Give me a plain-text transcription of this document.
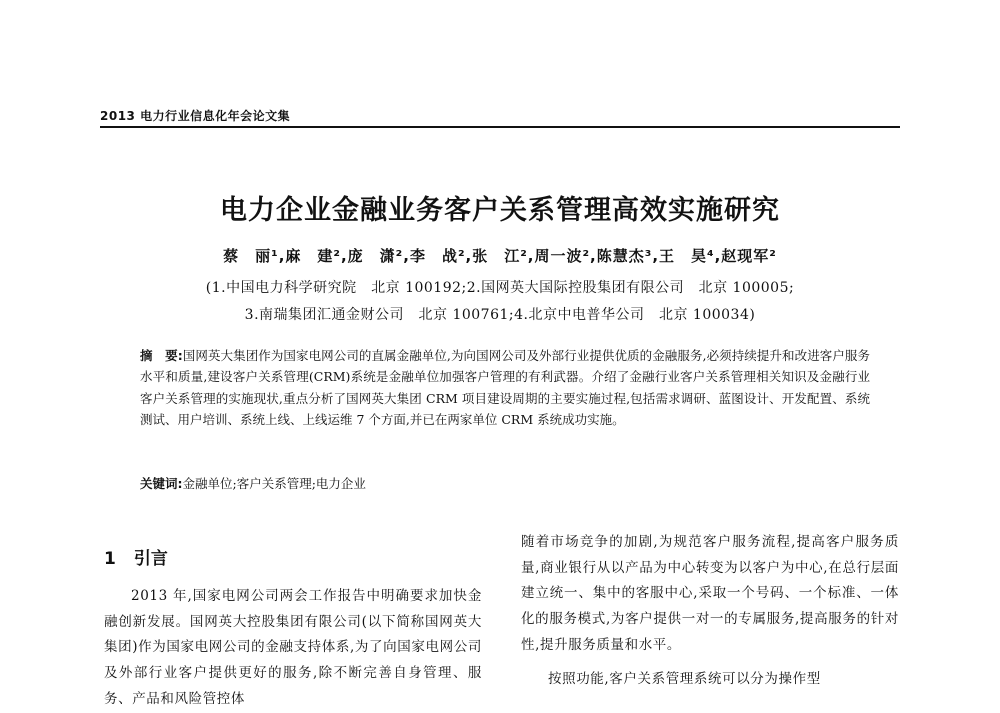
2013 电力行业信息化年会论文集
电力企业金融业务客户关系管理高效实施研究
蔡　丽¹,麻　建²,庞　潇²,李　战²,张　江²,周一波²,陈慧杰³,王　昊⁴,赵现军²
(1.中国电力科学研究院　北京 100192;2.国网英大国际控股集团有限公司　北京 100005;
3.南瑞集团汇通金财公司　北京 100761;4.北京中电普华公司　北京 100034)
摘　要:国网英大集团作为国家电网公司的直属金融单位,为向国网公司及外部行业提供优质的金融服务,必须持续提升和改进客户服务水平和质量,建设客户关系管理(CRM)系统是金融单位加强客户管理的有利武器。介绍了金融行业客户关系管理相关知识及金融行业客户关系管理的实施现状,重点分析了国网英大集团 CRM 项目建设周期的主要实施过程,包括需求调研、蓝图设计、开发配置、系统测试、用户培训、系统上线、上线运维 7 个方面,并已在两家单位 CRM 系统成功实施。
关键词:金融单位;客户关系管理;电力企业
1 引言

2013 年,国家电网公司两会工作报告中明确要求加快金融创新发展。国网英大控股集团有限公司(以下简称国网英大集团)作为国家电网公司的金融支持体系,为了向国家电网公司及外部行业客户提供更好的服务,除不断完善自身管理、服务、产品和风险管控体

随着市场竞争的加剧,为规范客户服务流程,提高客户服务质量,商业银行从以产品为中心转变为以客户为中心,在总行层面建立统一、集中的客服中心,采取一个号码、一个标准、一体化的服务模式,为客户提供一对一的专属服务,提高服务的针对性,提升服务质量和水平。

按照功能,客户关系管理系统可以分为操作型
